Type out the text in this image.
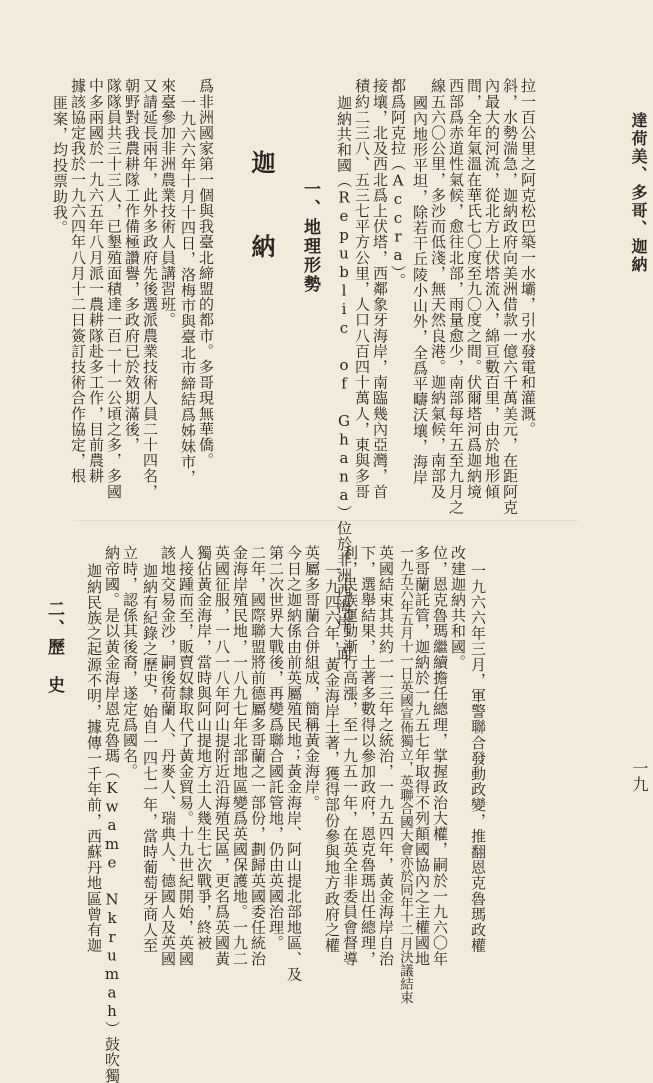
達荷美、多哥、迦納
一九
匪案，均投票助我。 據該協定我於一九六四年八月十二日簽訂技術合作協定，根 中多兩國於一九六五年八月派一農耕隊赴多工作，目前農耕 隊隊員共三十三人，已墾殖面積達一百一十一公頃之多，多國 朝野對我農耕隊工作備極讚譽，多政府已於效期滿後， 又請延長兩年，此外多政府先後選派農業技術人員二十四名， 來臺參加非洲農業技術人員講習班。 一九六六年十月十四日，洛梅市與臺北市締結爲姊妹市， 爲非洲國家第一個與我臺北締盟的都市。多哥現無華僑。 迦　納 一、地理形勢 迦納共和國（Republic of Ghana）位於非洲西海岸，面 積約二三八、五三七平方公里，人口八百四十萬人，東與多哥 接壤，北及西北爲上伏塔，西鄰象牙海岸，南臨幾內亞灣，首 都爲阿克拉（Accra）。 國內地形平坦，除若干丘陵小山外，全爲平疇沃壤，海岸 線五六〇公里，多沙而低淺，無天然良港。迦納氣候，南部及 西部爲赤道性氣候，愈往北部，雨量愈少，南部每年五至九月之 間，全年氣溫在華氏七〇度至九〇度之間。伏爾塔河爲迦納境 內最大的河流，從北方上伏塔流入，綿亘數百里，由於地形傾 斜，水勢湍急，迦納政府向美洲借款一億六千萬美元，在距阿克 拉一百公里之阿克松巴築一水壩，引水發電和灌溉。
二、歷　史 迦納民族之起源不明，據傳一千年前，西蘇丹地區曾有迦 納帝國。是以黃金海岸恩克魯瑪（Kwame Nkrumah）鼓吹獨 立時，認係其後裔，遂定爲國名。 迦納有紀錄之歷史，始自一四七一年，當時葡萄牙商人至 該地交易金沙，嗣後荷蘭人、丹麥人、瑞典人、德國人及英國 人接踵而至，販賣奴隸取代了黃金貿易。十九世紀開始，英國 獨佔黃金海岸，當時與阿山提地方土人幾生七次戰爭，終被 英國征服，一八一八年阿山提附近沿海殖民區，更名爲英國黃 金海岸殖民地，一八九七年北部地區變爲英國保護地。一九二 二年，國際聯盟將前德屬多哥蘭之一部份，劃歸英國委任統治 第二次世界大戰後，再變爲聯合國託管地，仍由英國治理。 今日之迦納係由前英屬殖民地；黃金海岸、阿山提北部地區、及 英屬多哥蘭合併組成，簡稱黃金海岸。 一九四六年，黃金海岸土著，獲得部份參與地方政府之權 利，民族運動漸行高漲，至一九五一年，在英全非委員會督導 下，選舉結果，土著多數得以參加政府，恩克魯瑪出任總理， 英國結束其共約一一三年之統治，一九五四年，黃金海岸自治 一九五六年五月十一日英國宣佈獨立，英聯合國大會亦於同年十二月決議結束 多哥蘭託管，迦納於一九五七年取得不列顛國協內之主權國地 位，恩克魯瑪繼續擔任總理，掌握政治大權，嗣於一九六〇年 改建迦納共和國。 一九六六年三月，軍警聯合發動政變，推翻恩克魯瑪政權
